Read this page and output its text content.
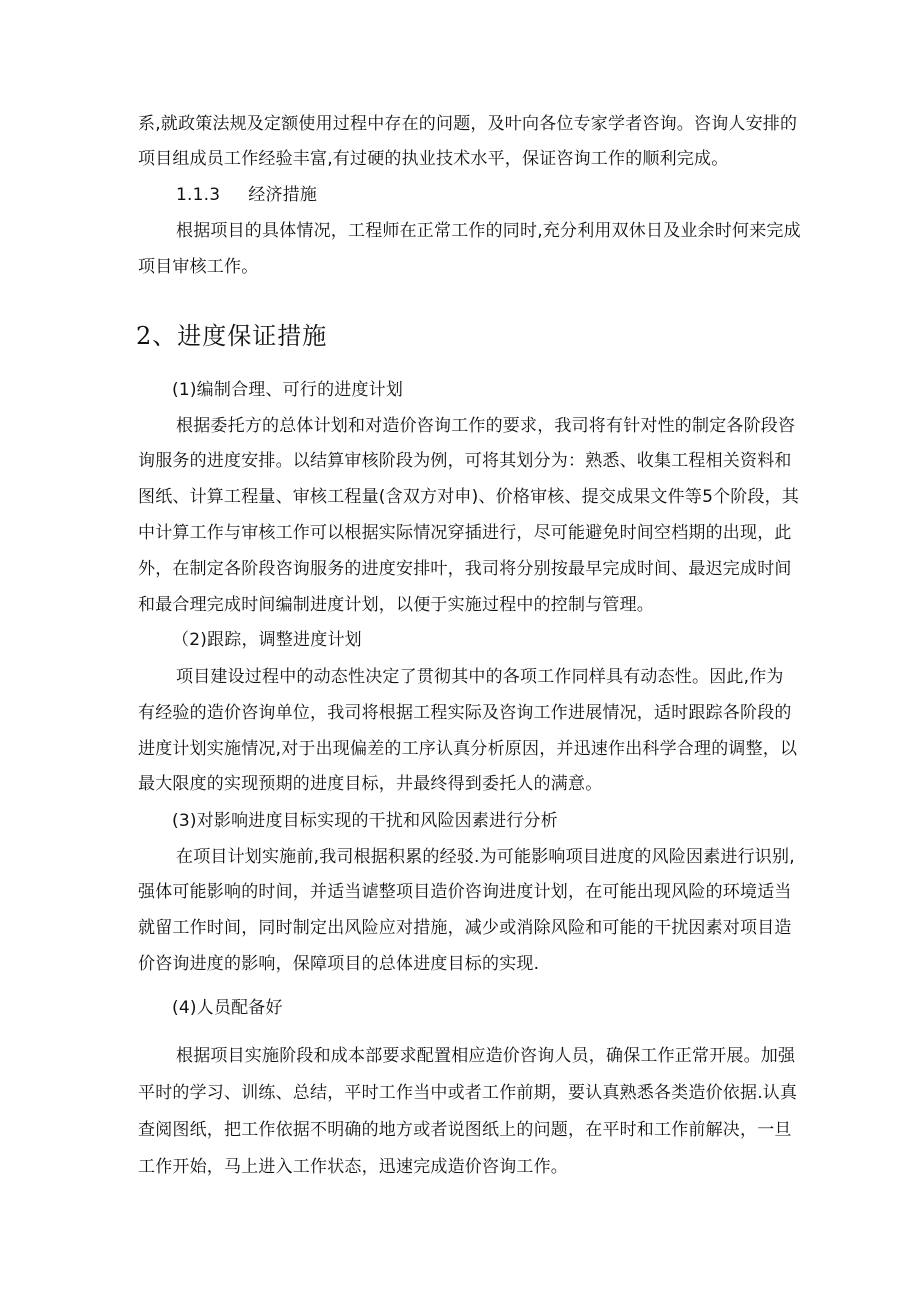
系,就政策法规及定额使用过程中存在的问题，及叶向各位专家学者咨询。咨询人安排的
项目组成员工作经验丰富,有过硬的执业技术水平，保证咨询工作的顺利完成。
1.1.3 经济措施
根据项目的具体情况，工程师在正常工作的同时,充分利用双休日及业余时何来完成
项目审核工作。
2、进度保证措施
(1)编制合理、可行的进度计划
根据委托方的总体计划和对造价咨询工作的要求，我司将有针对性的制定各阶段咨
询服务的进度安排。以结算审核阶段为例，可将其划分为：熟悉、收集工程相关资料和
图纸、计算工程量、审核工程量(含双方对申)、价格审核、提交成果文件等5个阶段，其
中计算工作与审核工作可以根据实际情况穿插进行，尽可能避免时间空档期的出现，此
外，在制定各阶段咨询服务的进度安排叶，我司将分别按最早完成时间、最迟完成时间
和最合理完成时间编制进度计划，以便于实施过程中的控制与管理。
（2)跟踪，调整进度计划
项目建设过程中的动态性决定了贯彻其中的各项工作同样具有动态性。因此,作为
有经验的造价咨询单位，我司将根据工程实际及咨询工作进展情况，适时跟踪各阶段的
进度计划实施情况,对于出现偏差的工序认真分析原因，并迅速作出科学合理的调整，以
最大限度的实现预期的进度目标，井最终得到委托人的满意。
(3)对影响进度目标实现的干扰和风险因素进行分析
在项目计划实施前,我司根据积累的经驳.为可能影响项目进度的风险因素进行识别,
强体可能影响的时间，并适当谑整项目造价咨询进度计划，在可能出现风险的环境适当
就留工作时间，同时制定出风险应对措施，减少或消除风险和可能的干扰因素对项目造
价咨询进度的影响，保障项目的总体进度目标的实现.
(4)人员配备好
根据项目实施阶段和成本部要求配置相应造价咨询人员，确保工作正常开展。加强
平时的学习、训练、总结，平时工作当中或者工作前期，要认真熟悉各类造价依据.认真
查阅图纸，把工作依据不明确的地方或者说图纸上的问题，在平时和工作前解决，一旦
工作开始，马上进入工作状态，迅速完成造价咨询工作。
